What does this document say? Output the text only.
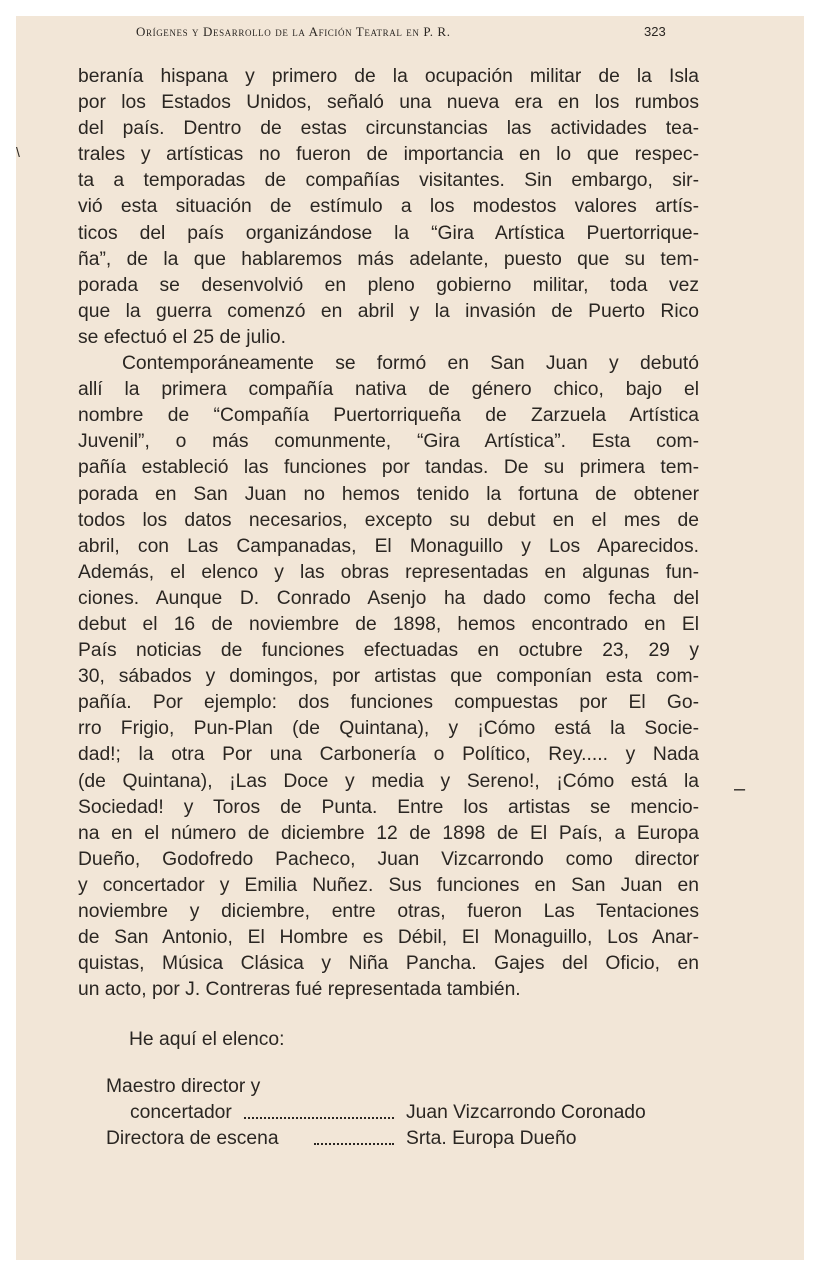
Orígenes y Desarrollo de la Afición Teatral en P. R.	323
beranía hispana y primero de la ocupación militar de la Isla
por los Estados Unidos, señaló una nueva era en los rumbos
del país. Dentro de estas circunstancias las actividades tea-
trales y artísticas no fueron de importancia en lo que respec-
ta a temporadas de compañías visitantes. Sin embargo, sir-
vió esta situación de estímulo a los modestos valores artís-
ticos del país organizándose la “Gira Artística Puertorrique-
ña”, de la que hablaremos más adelante, puesto que su tem-
porada se desenvolvió en pleno gobierno militar, toda vez
que la guerra comenzó en abril y la invasión de Puerto Rico
se efectuó el 25 de julio.
Contemporáneamente se formó en San Juan y debutó
allí la primera compañía nativa de género chico, bajo el
nombre de “Compañía Puertorriqueña de Zarzuela Artística
Juvenil”, o más comunmente, “Gira Artística”. Esta com-
pañía estableció las funciones por tandas. De su primera tem-
porada en San Juan no hemos tenido la fortuna de obtener
todos los datos necesarios, excepto su debut en el mes de
abril, con Las Campanadas, El Monaguillo y Los Aparecidos.
Además, el elenco y las obras representadas en algunas fun-
ciones. Aunque D. Conrado Asenjo ha dado como fecha del
debut el 16 de noviembre de 1898, hemos encontrado en El
País noticias de funciones efectuadas en octubre 23, 29 y
30, sábados y domingos, por artistas que componían esta com-
pañía. Por ejemplo: dos funciones compuestas por El Go-
rro Frigio, Pun-Plan (de Quintana), y ¡Cómo está la Socie-
dad!; la otra Por una Carbonería o Político, Rey..... y Nada
(de Quintana), ¡Las Doce y media y Sereno!, ¡Cómo está la
Sociedad! y Toros de Punta. Entre los artistas se mencio-
na en el número de diciembre 12 de 1898 de El País, a Europa
Dueño, Godofredo Pacheco, Juan Vizcarrondo como director
y concertador y Emilia Nuñez. Sus funciones en San Juan en
noviembre y diciembre, entre otras, fueron Las Tentaciones
de San Antonio, El Hombre es Débil, El Monaguillo, Los Anar-
quistas, Música Clásica y Niña Pancha. Gajes del Oficio, en
un acto, por J. Contreras fué representada también.
He aquí el elenco:
Maestro director y
concertador	Juan Vizcarrondo Coronado
Directora de escena	Srta. Europa Dueño
\
–
